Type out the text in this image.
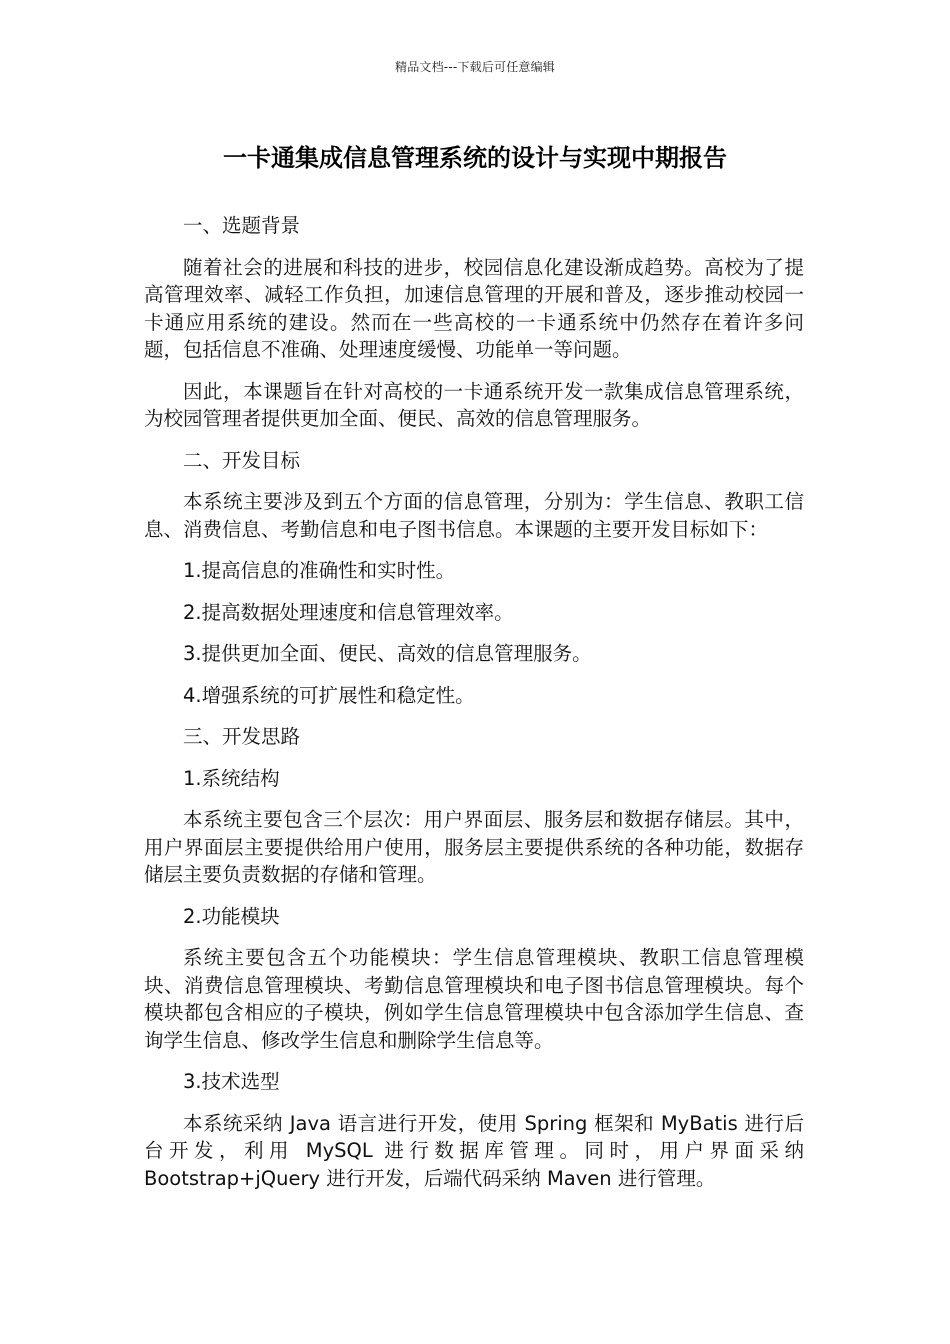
精品文档---下载后可任意编辑
一卡通集成信息管理系统的设计与实现中期报告

一、选题背景

随着社会的进展和科技的进步，校园信息化建设渐成趋势。高校为了提高管理效率、减轻工作负担，加速信息管理的开展和普及，逐步推动校园一卡通应用系统的建设。然而在一些高校的一卡通系统中仍然存在着许多问题，包括信息不准确、处理速度缓慢、功能单一等问题。

因此，本课题旨在针对高校的一卡通系统开发一款集成信息管理系统，为校园管理者提供更加全面、便民、高效的信息管理服务。

二、开发目标

本系统主要涉及到五个方面的信息管理，分别为：学生信息、教职工信息、消费信息、考勤信息和电子图书信息。本课题的主要开发目标如下：

1.提高信息的准确性和实时性。

2.提高数据处理速度和信息管理效率。

3.提供更加全面、便民、高效的信息管理服务。

4.增强系统的可扩展性和稳定性。

三、开发思路

1.系统结构

本系统主要包含三个层次：用户界面层、服务层和数据存储层。其中，用户界面层主要提供给用户使用，服务层主要提供系统的各种功能，数据存储层主要负责数据的存储和管理。

2.功能模块

系统主要包含五个功能模块：学生信息管理模块、教职工信息管理模块、消费信息管理模块、考勤信息管理模块和电子图书信息管理模块。每个模块都包含相应的子模块，例如学生信息管理模块中包含添加学生信息、查询学生信息、修改学生信息和删除学生信息等。

3.技术选型

本系统采纳 Java 语言进行开发，使用 Spring 框架和 MyBatis 进行后台开发，利用 MySQL 进行数据库管理。同时，用户界面采纳 Bootstrap+jQuery 进行开发，后端代码采纳 Maven 进行管理。
